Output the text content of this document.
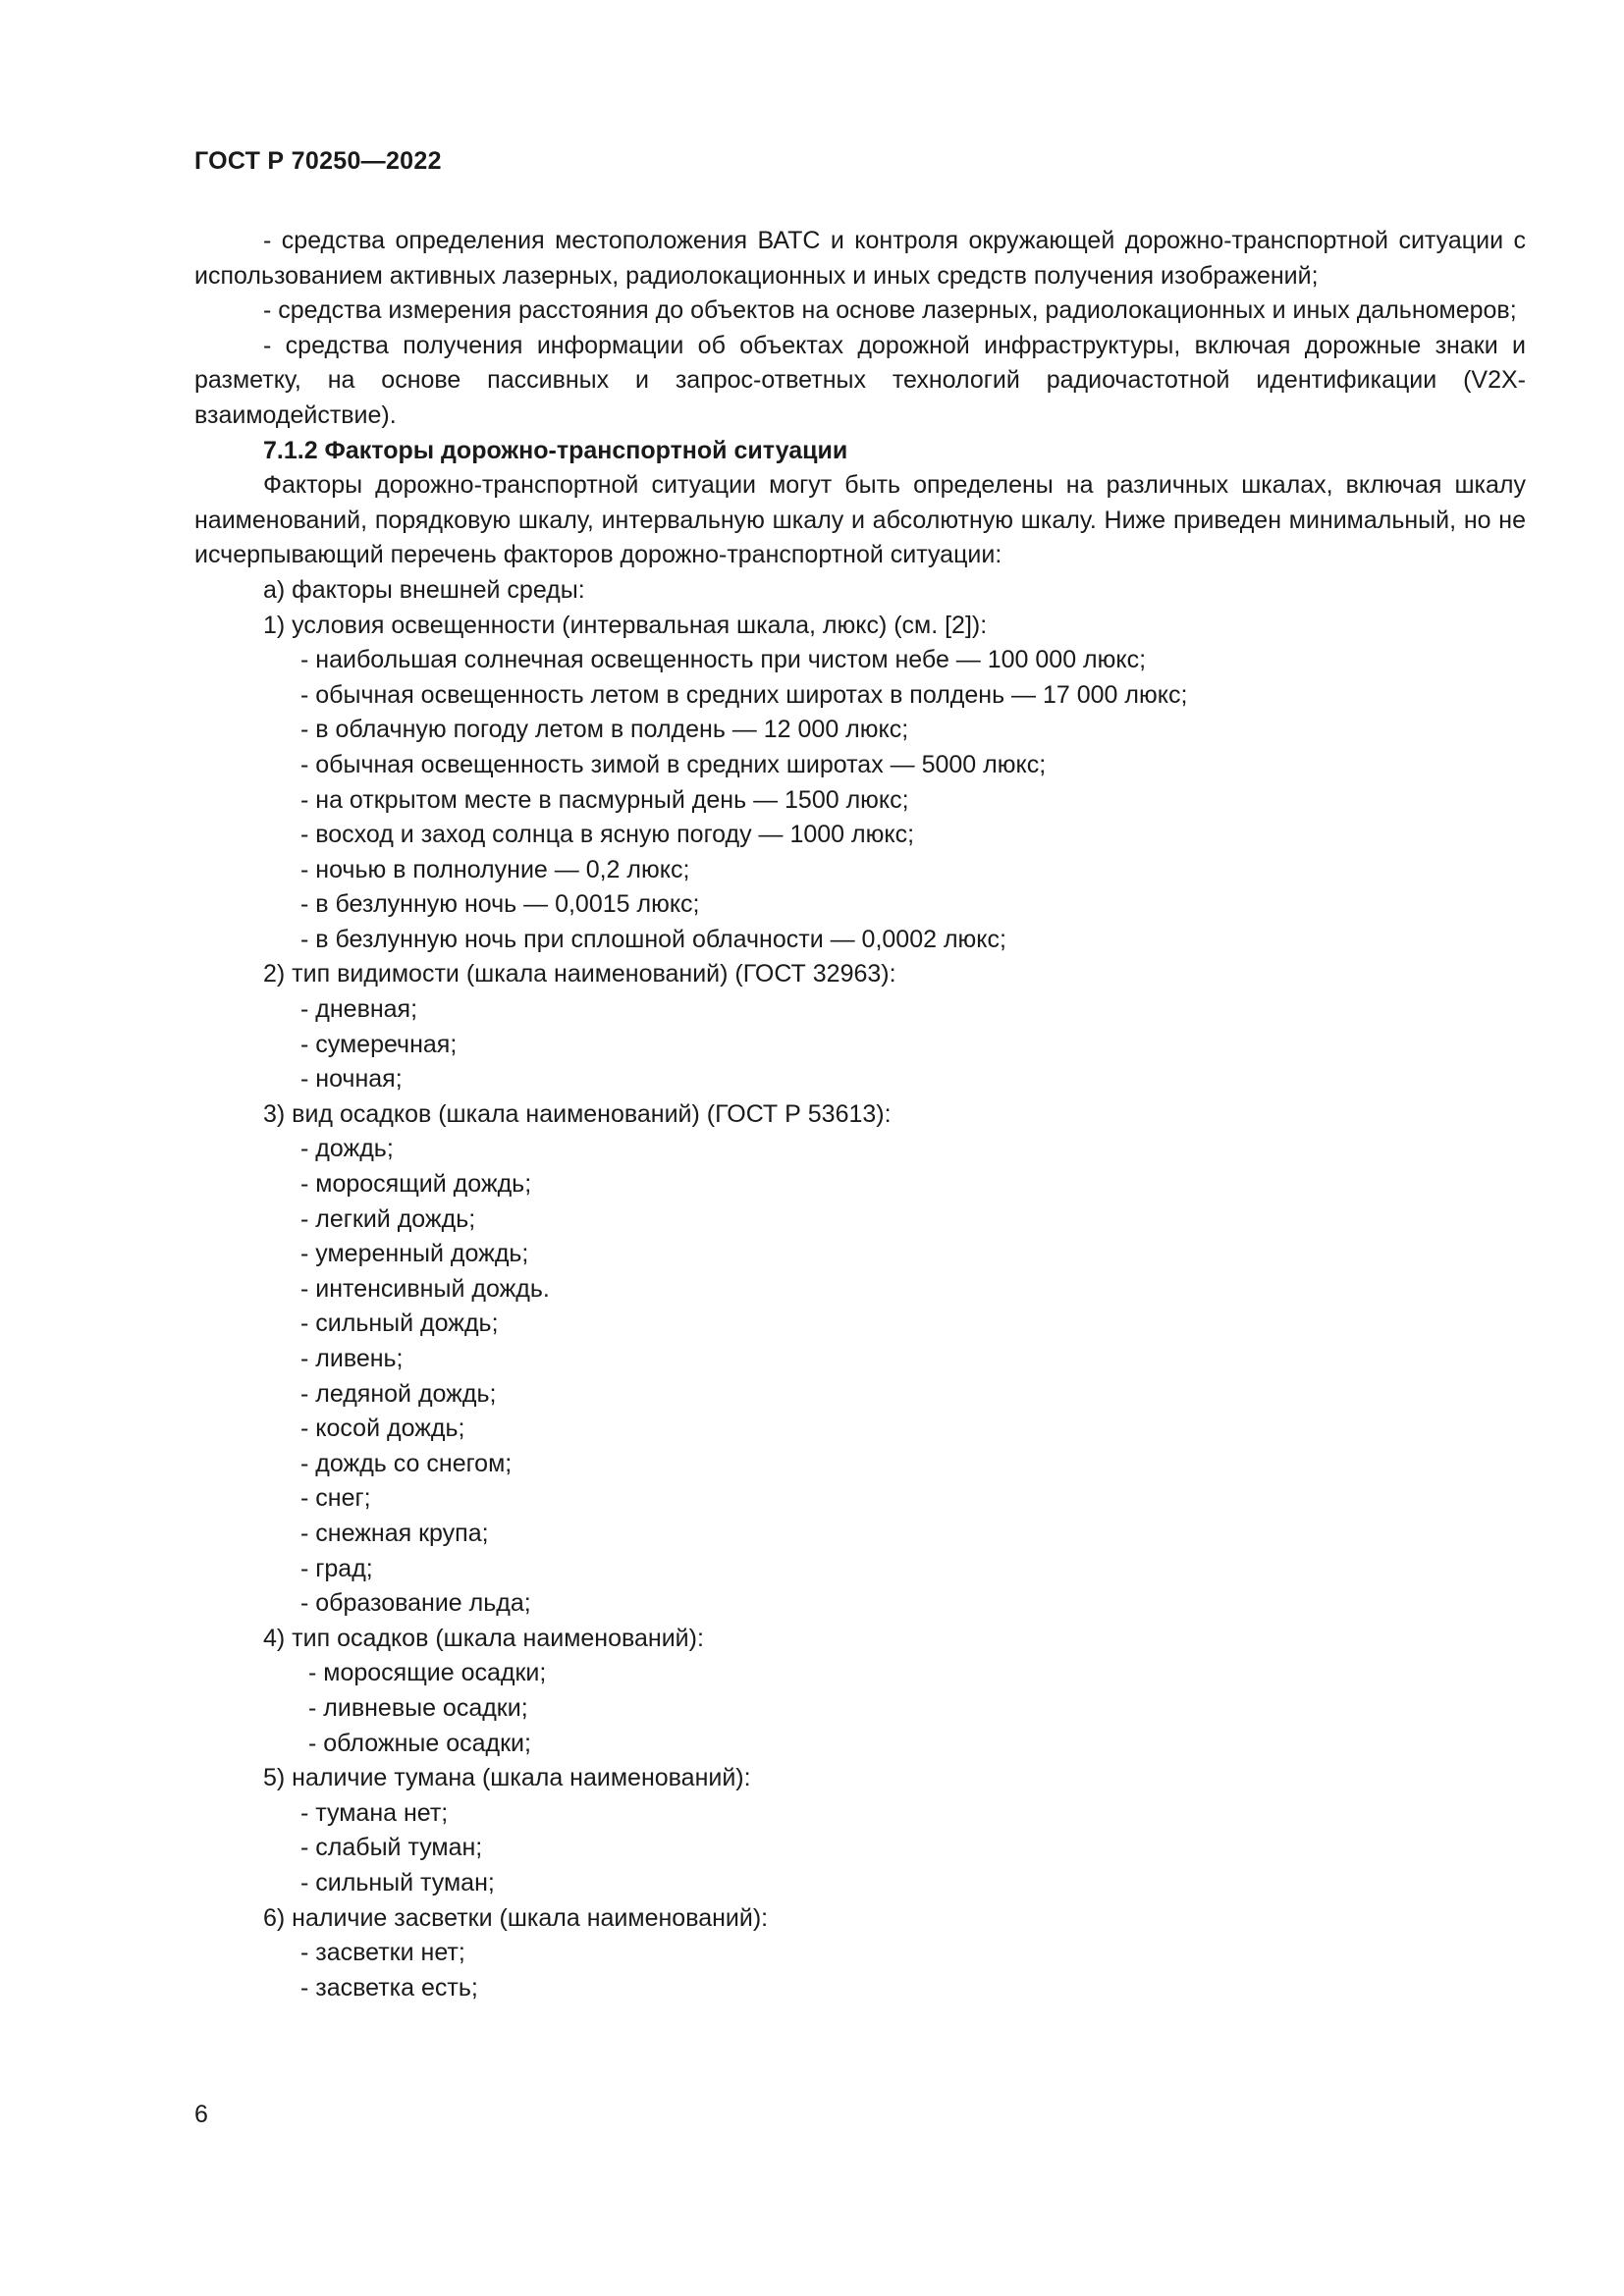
ГОСТ Р 70250—2022

- средства определения местоположения ВАТС и контроля окружающей дорожно-транспортной ситуации с использованием активных лазерных, радиолокационных и иных средств получения изображений;

- средства измерения расстояния до объектов на основе лазерных, радиолокационных и иных дальномеров;

- средства получения информации об объектах дорожной инфраструктуры, включая дорожные знаки и разметку, на основе пассивных и запрос-ответных технологий радиочастотной идентификации (V2X-взаимодействие).

7.1.2 Факторы дорожно-транспортной ситуации

Факторы дорожно-транспортной ситуации могут быть определены на различных шкалах, включая шкалу наименований, порядковую шкалу, интервальную шкалу и абсолютную шкалу. Ниже приведен минимальный, но не исчерпывающий перечень факторов дорожно-транспортной ситуации:

а) факторы внешней среды:

1) условия освещенности (интервальная шкала, люкс) (см. [2]):

- наибольшая солнечная освещенность при чистом небе — 100 000 люкс;

- обычная освещенность летом в средних широтах в полдень — 17 000 люкс;

- в облачную погоду летом в полдень — 12 000 люкс;

- обычная освещенность зимой в средних широтах — 5000 люкс;

- на открытом месте в пасмурный день — 1500 люкс;

- восход и заход солнца в ясную погоду — 1000 люкс;

- ночью в полнолуние — 0,2 люкс;

- в безлунную ночь — 0,0015 люкс;

- в безлунную ночь при сплошной облачности — 0,0002 люкс;

2) тип видимости (шкала наименований) (ГОСТ 32963):

- дневная;

- сумеречная;

- ночная;

3) вид осадков (шкала наименований) (ГОСТ Р 53613):

- дождь;

- моросящий дождь;

- легкий дождь;

- умеренный дождь;

- интенсивный дождь.

- сильный дождь;

- ливень;

- ледяной дождь;

- косой дождь;

- дождь со снегом;

- снег;

- снежная крупа;

- град;

- образование льда;

4) тип осадков (шкала наименований):

- моросящие осадки;

- ливневые осадки;

- обложные осадки;

5) наличие тумана (шкала наименований):

- тумана нет;

- слабый туман;

- сильный туман;

6) наличие засветки (шкала наименований):

- засветки нет;

- засветка есть;

6
